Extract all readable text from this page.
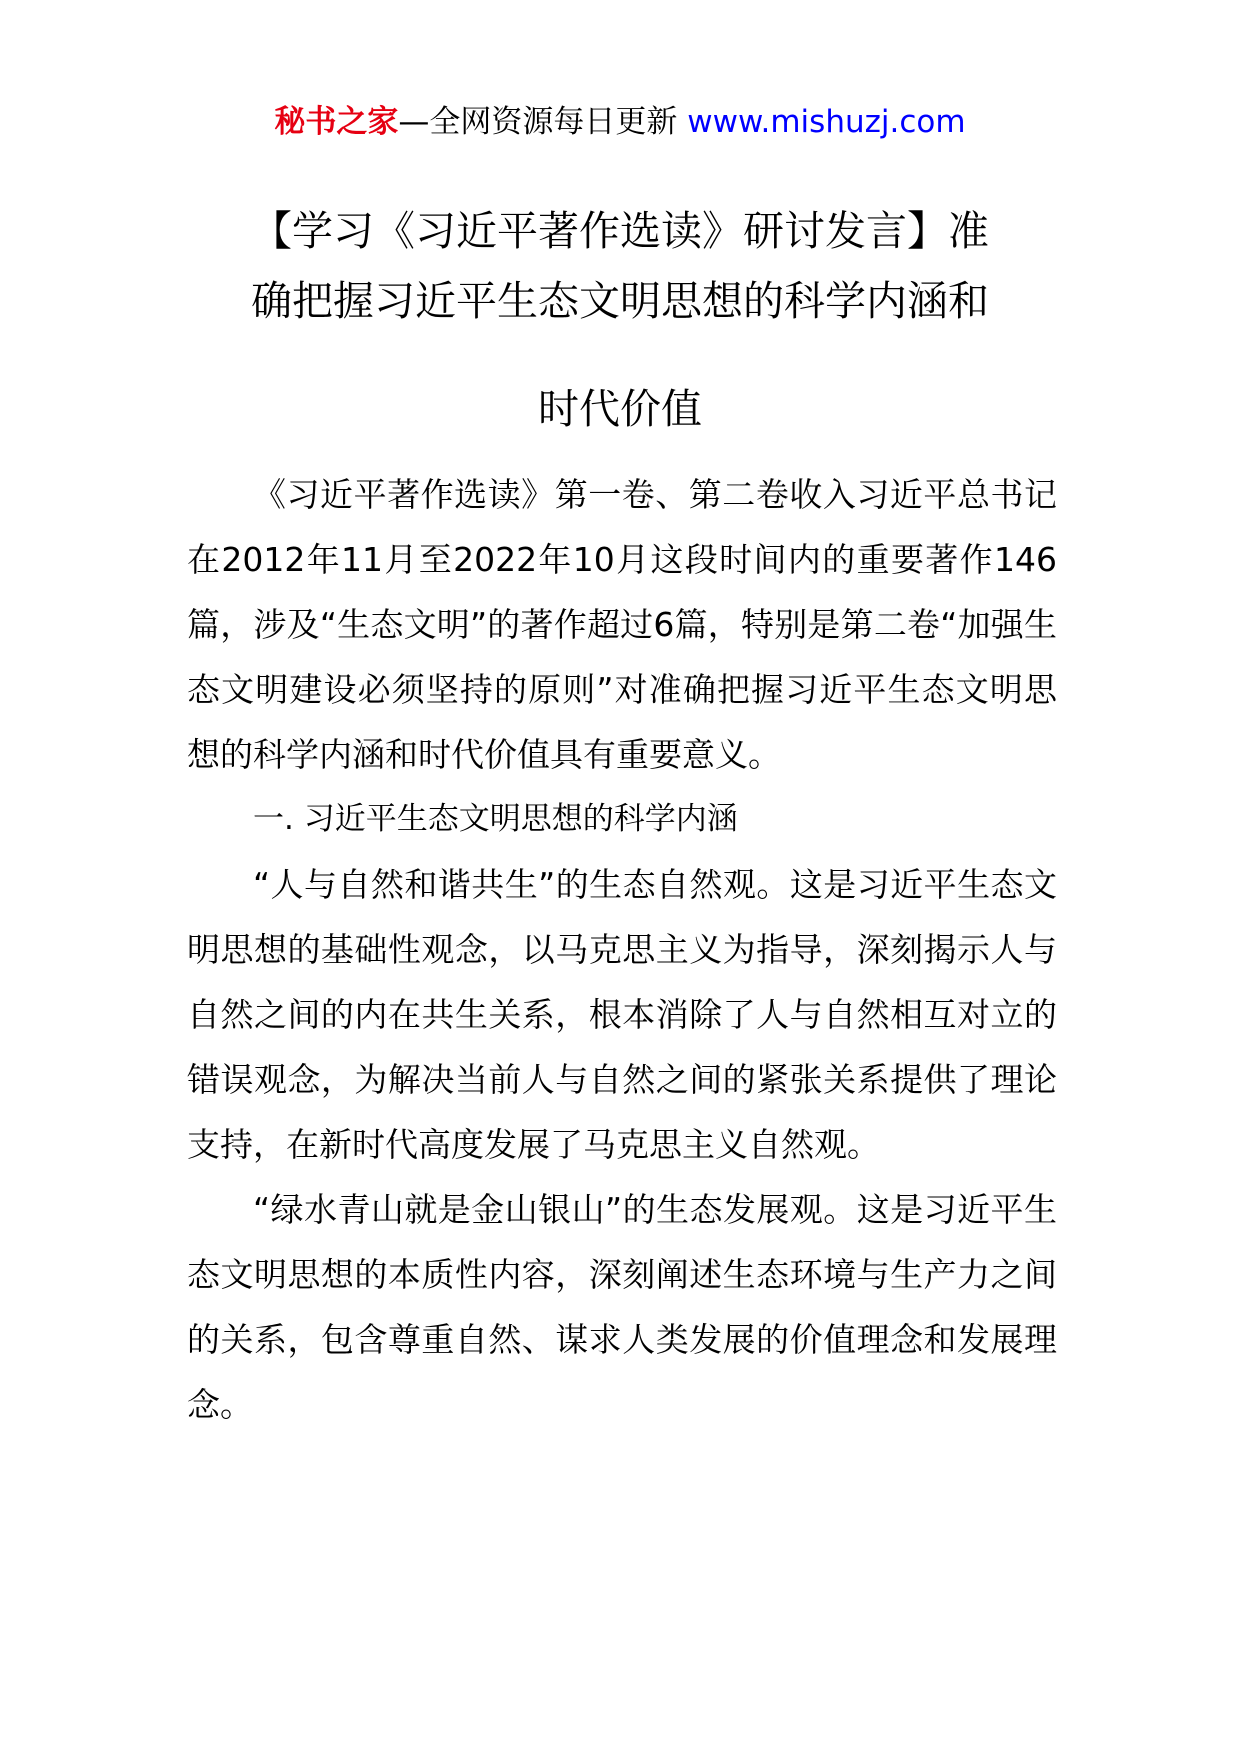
秘书之家—全网资源每日更新 www.mishuzj.com
【学习《习近平著作选读》研讨发言】准
确把握习近平生态文明思想的科学内涵和
时代价值

《习近平著作选读》第一卷、第二卷收入习近平总书记在2012年11月至2022年10月这段时间内的重要著作146篇，涉及“生态文明”的著作超过6篇，特别是第二卷“加强生态文明建设必须坚持的原则”对准确把握习近平生态文明思想的科学内涵和时代价值具有重要意义。

一. 习近平生态文明思想的科学内涵

“人与自然和谐共生”的生态自然观。这是习近平生态文明思想的基础性观念，以马克思主义为指导，深刻揭示人与自然之间的内在共生关系，根本消除了人与自然相互对立的错误观念，为解决当前人与自然之间的紧张关系提供了理论支持，在新时代高度发展了马克思主义自然观。

“绿水青山就是金山银山”的生态发展观。这是习近平生态文明思想的本质性内容，深刻阐述生态环境与生产力之间的关系，包含尊重自然、谋求人类发展的价值理念和发展理念。
